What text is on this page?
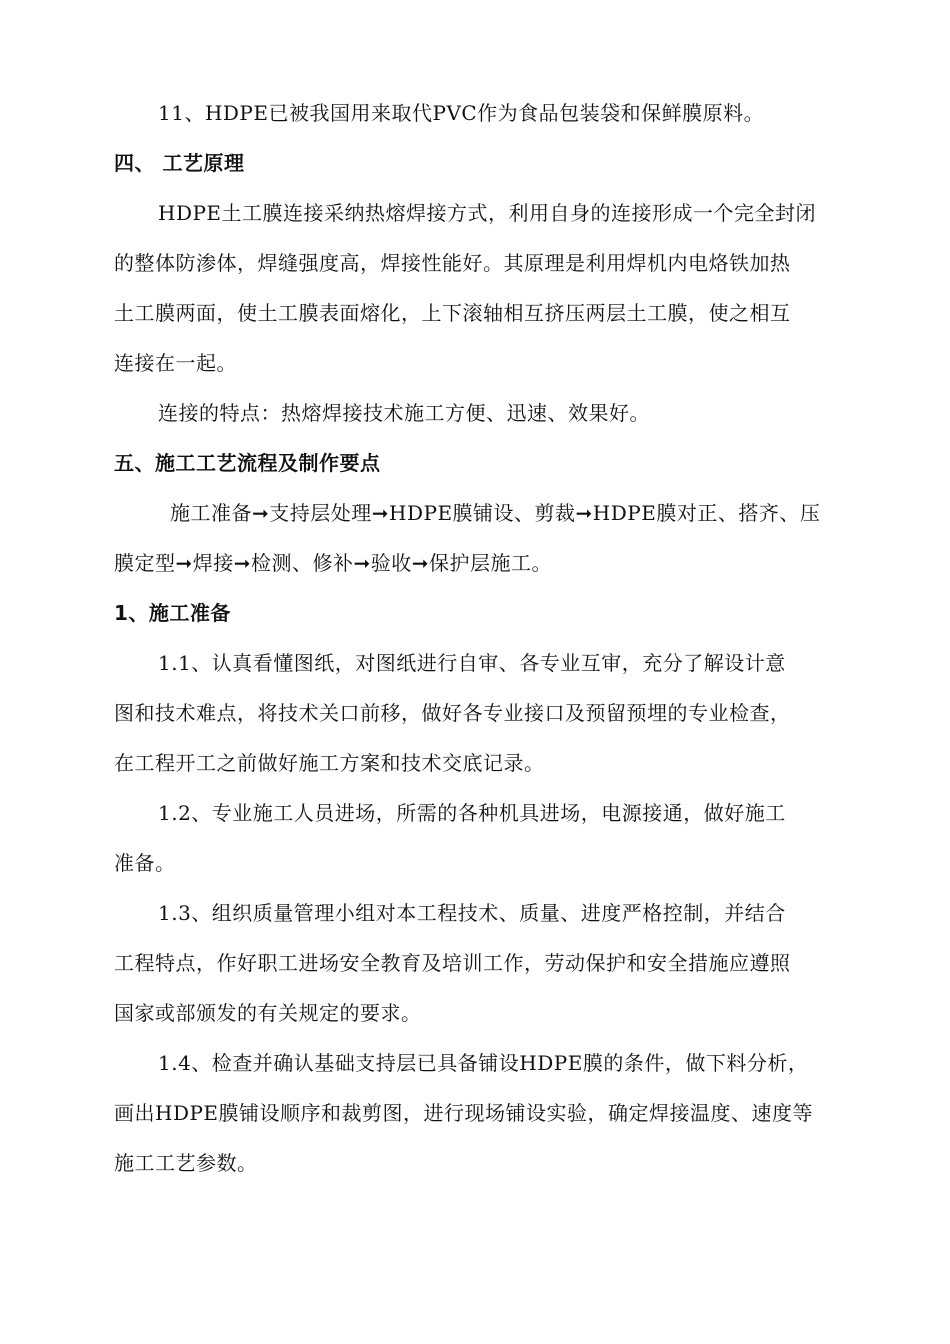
11、HDPE已被我国用来取代PVC作为食品包装袋和保鲜膜原料。
四、 工艺原理
HDPE土工膜连接采纳热熔焊接方式，利用自身的连接形成一个完全封闭
的整体防渗体，焊缝强度高，焊接性能好。其原理是利用焊机内电烙铁加热
土工膜两面，使土工膜表面熔化，上下滚轴相互挤压两层土工膜，使之相互
连接在一起。
连接的特点：热熔焊接技术施工方便、迅速、效果好。
五、施工工艺流程及制作要点
施工准备➞支持层处理➞HDPE膜铺设、剪裁➞HDPE膜对正、搭齐、压
膜定型➞焊接➞检测、修补➞验收➞保护层施工。
1、施工准备
1.1、认真看懂图纸，对图纸进行自审、各专业互审，充分了解设计意
图和技术难点，将技术关口前移，做好各专业接口及预留预埋的专业检查，
在工程开工之前做好施工方案和技术交底记录。
1.2、专业施工人员进场，所需的各种机具进场，电源接通，做好施工
准备。
1.3、组织质量管理小组对本工程技术、质量、进度严格控制，并结合
工程特点，作好职工进场安全教育及培训工作，劳动保护和安全措施应遵照
国家或部颁发的有关规定的要求。
1.4、检查并确认基础支持层已具备铺设HDPE膜的条件，做下料分析，
画出HDPE膜铺设顺序和裁剪图，进行现场铺设实验，确定焊接温度、速度等
施工工艺参数。
